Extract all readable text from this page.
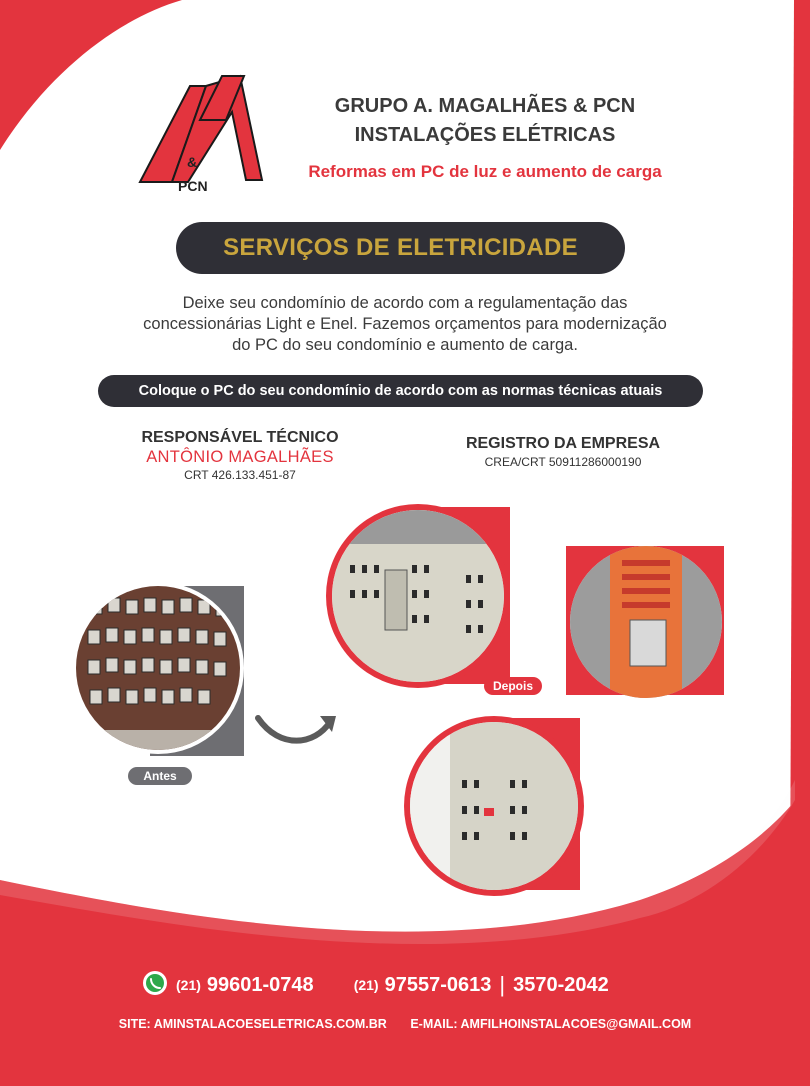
&
PCN
GRUPO A. MAGALHÃES & PCN
INSTALAÇÕES ELÉTRICAS
Reformas em PC de luz e aumento de carga
SERVIÇOS DE ELETRICIDADE
Deixe seu condomínio de acordo com a regulamentação das
concessionárias Light e Enel. Fazemos orçamentos para modernização
do PC do seu condomínio e aumento de carga.
Coloque o PC do seu condomínio de acordo com as normas técnicas atuais
RESPONSÁVEL TÉCNICO
ANTÔNIO MAGALHÃES
CRT 426.133.451-87
REGISTRO DA EMPRESA
CREA/CRT 50911286000190
Antes
Depois
(21) 99601-0748	(21) 97557-0613 | 3570-2042
SITE: AMINSTALACOESELETRICAS.COM.BR E-MAIL: AMFILHOINSTALACOES@GMAIL.COM
